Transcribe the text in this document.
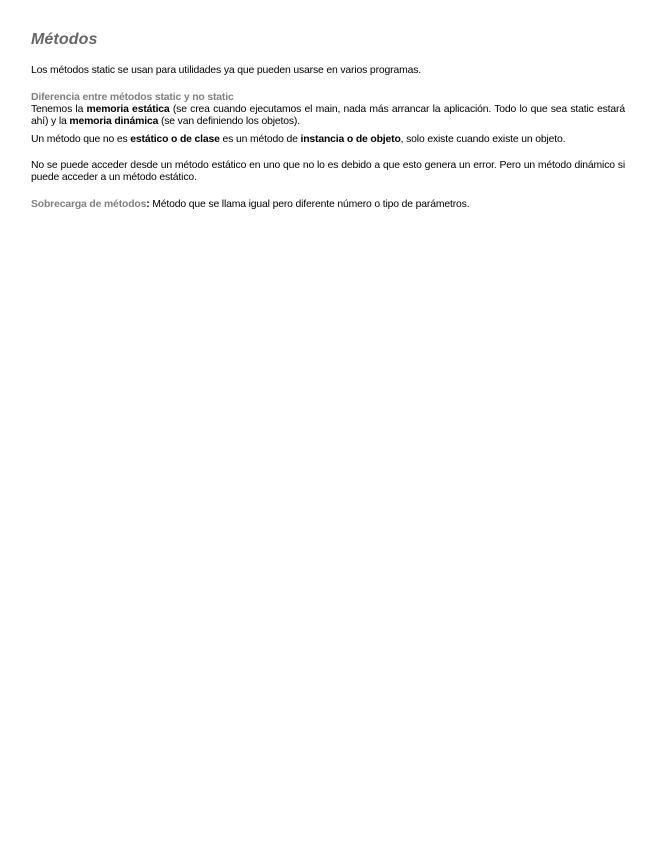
Métodos

Los métodos static se usan para utilidades ya que pueden usarse en varios programas.

Diferencia entre métodos static y no static

Tenemos la memoria estática (se crea cuando ejecutamos el main, nada más arrancar la aplicación. Todo lo que sea static estará ahí) y la memoria dinámica (se van definiendo los objetos).

Un método que no es estático o de clase es un método de instancia o de objeto, solo existe cuando existe un objeto.

No se puede acceder desde un método estático en uno que no lo es debido a que esto genera un error. Pero un método dinámico si puede acceder a un método estático.

Sobrecarga de métodos: Método que se llama igual pero diferente número o tipo de parámetros.
